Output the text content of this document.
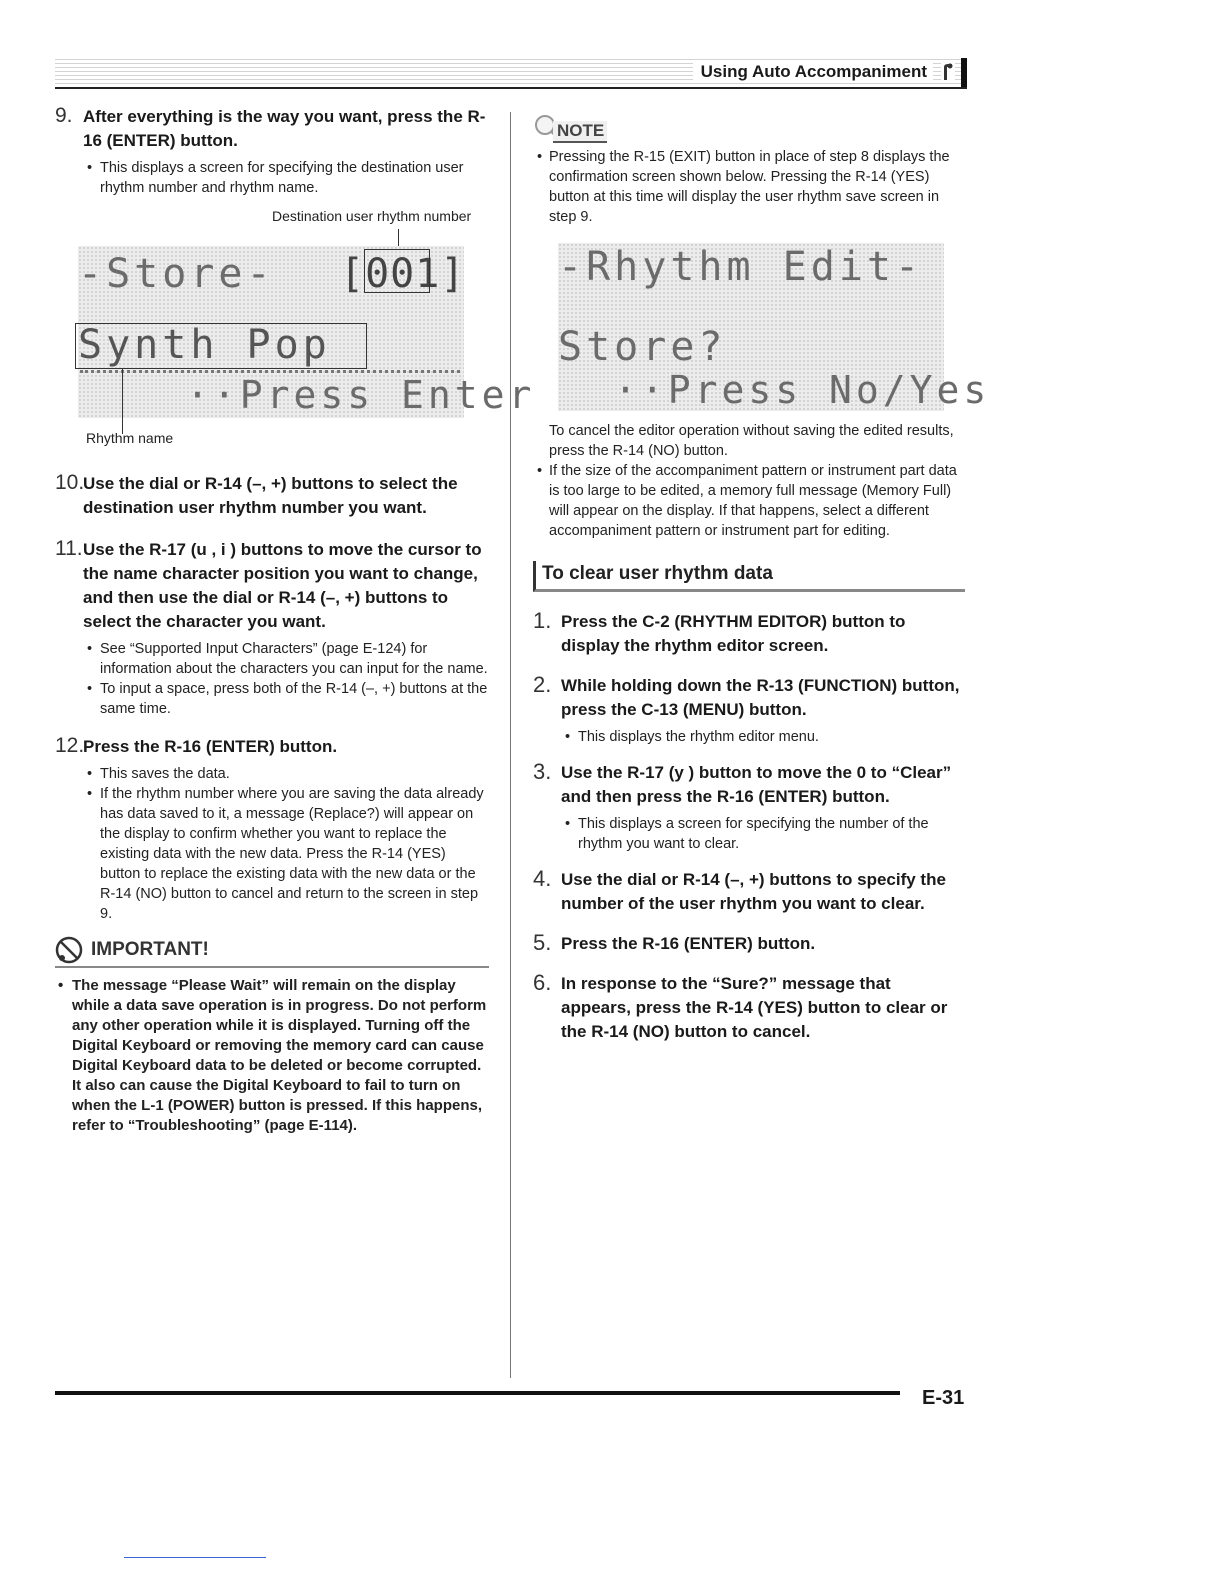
Using Auto Accompaniment
9. After everything is the way you want, press the R-16 (ENTER) button.
• This displays a screen for specifying the destination user rhythm number and rhythm name.
Destination user rhythm number
-Store- [001]
Synth Pop
··Press Enter
Rhythm name
10.
Use the dial or R-14 (–, +) buttons to select the destination user rhythm number you want.
11. Use the R-17 (u , i ) buttons to move the cursor to the name character position you want to change, and then use the dial or R-14 (–, +) buttons to select the character you want.
• See “Supported Input Characters” (page E-124) for information about the characters you can input for the name.
• To input a space, press both of the R-14 (–, +) buttons at the same time.
12.
Press the R-16 (ENTER) button.
• This saves the data.
• If the rhythm number where you are saving the data already has data saved to it, a message (Replace?) will appear on the display to confirm whether you want to replace the existing data with the new data. Press the R-14 (YES) button to replace the existing data with the new data or the R-14 (NO) button to cancel and return to the screen in step 9.
IMPORTANT!
• The message “Please Wait” will remain on the display while a data save operation is in progress. Do not perform any other operation while it is displayed. Turning off the Digital Keyboard or removing the memory card can cause Digital Keyboard data to be deleted or become corrupted. It also can cause the Digital Keyboard to fail to turn on when the L-1 (POWER) button is pressed. If this happens, refer to “Troubleshooting” (page E-114).
NOTE
• Pressing the R-15 (EXIT) button in place of step 8 displays the confirmation screen shown below. Pressing the R-14 (YES) button at this time will display the user rhythm save screen in step 9.
-Rhythm Edit-
Store?
··Press No/Yes
To cancel the editor operation without saving the edited results, press the R-14 (NO) button.
• If the size of the accompaniment pattern or instrument part data is too large to be edited, a memory full message (Memory Full) will appear on the display. If that happens, select a different accompaniment pattern or instrument part for editing.
To clear user rhythm data
1. Press the C-2 (RHYTHM EDITOR) button to display the rhythm editor screen.
2. While holding down the R-13 (FUNCTION) button, press the C-13 (MENU) button.
• This displays the rhythm editor menu.
3. Use the R-17 (y ) button to move the 0 to “Clear” and then press the R-16 (ENTER) button.
• This displays a screen for specifying the number of the rhythm you want to clear.
4. Use the dial or R-14 (–, +) buttons to specify the number of the user rhythm you want to clear.
5. Press the R-16 (ENTER) button.
6. In response to the “Sure?” message that appears, press the R-14 (YES) button to clear or the R-14 (NO) button to cancel.
E-31
